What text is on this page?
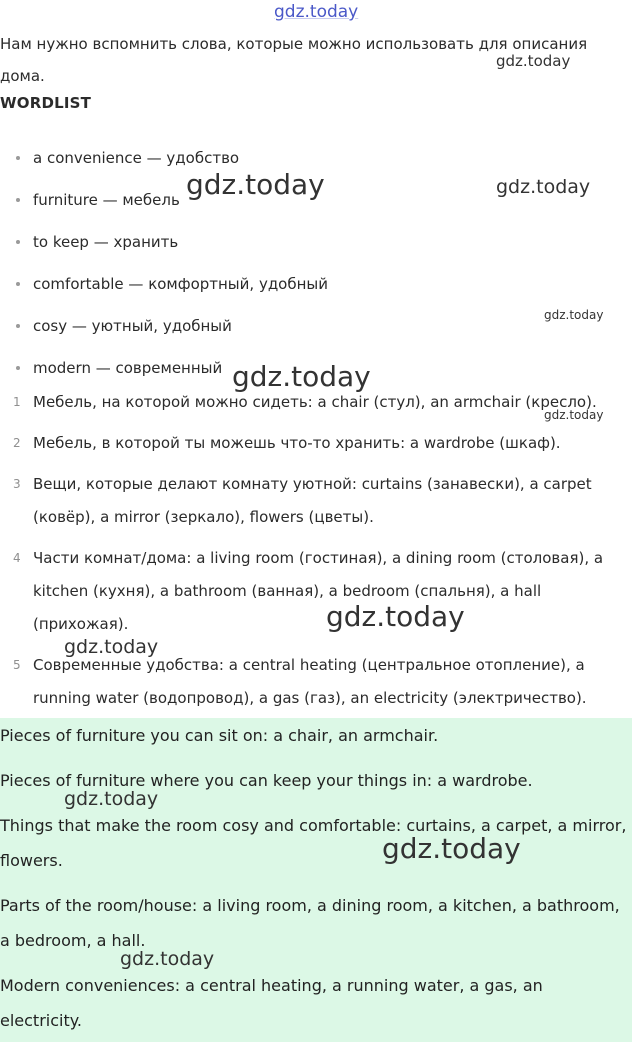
gdz.today
Нам нужно вспомнить слова, которые можно использовать для описания дома.
WORDLIST
a convenience — удобство
furniture — мебель
to keep — хранить
comfortable — комфортный, удобный
cosy — уютный, удобный
modern — современный
1 Мебель, на которой можно сидеть: a chair (стул), an armchair (кресло).
2 Мебель, в которой ты можешь что-то хранить: a wardrobe (шкаф).
3 Вещи, которые делают комнату уютной: curtains (занавески), a carpet (ковёр), a mirror (зеркало), flowers (цветы).
4 Части комнат/дома: a living room (гостиная), a dining room (столовая), a kitchen (кухня), a bathroom (ванная), a bedroom (спальня), a hall (прихожая).
5 Современные удобства: a central heating (центральное отопление), a running water (водопровод), a gas (газ), an electricity (электричество).

Pieces of furniture you can sit on: a chair, an armchair.

Pieces of furniture where you can keep your things in: a wardrobe.

Things that make the room cosy and comfortable: curtains, a carpet, a mirror, flowers.

Parts of the room/house: a living room, a dining room, a kitchen, a bathroom, a bedroom, a hall.

Modern conveniences: a central heating, a running water, a gas, an electricity.

gdz.today
gdz.today	gdz.today
gdz.today
gdz.today
gdz.today
gdz.today
gdz.today
gdz.today
gdz.today
gdz.today
